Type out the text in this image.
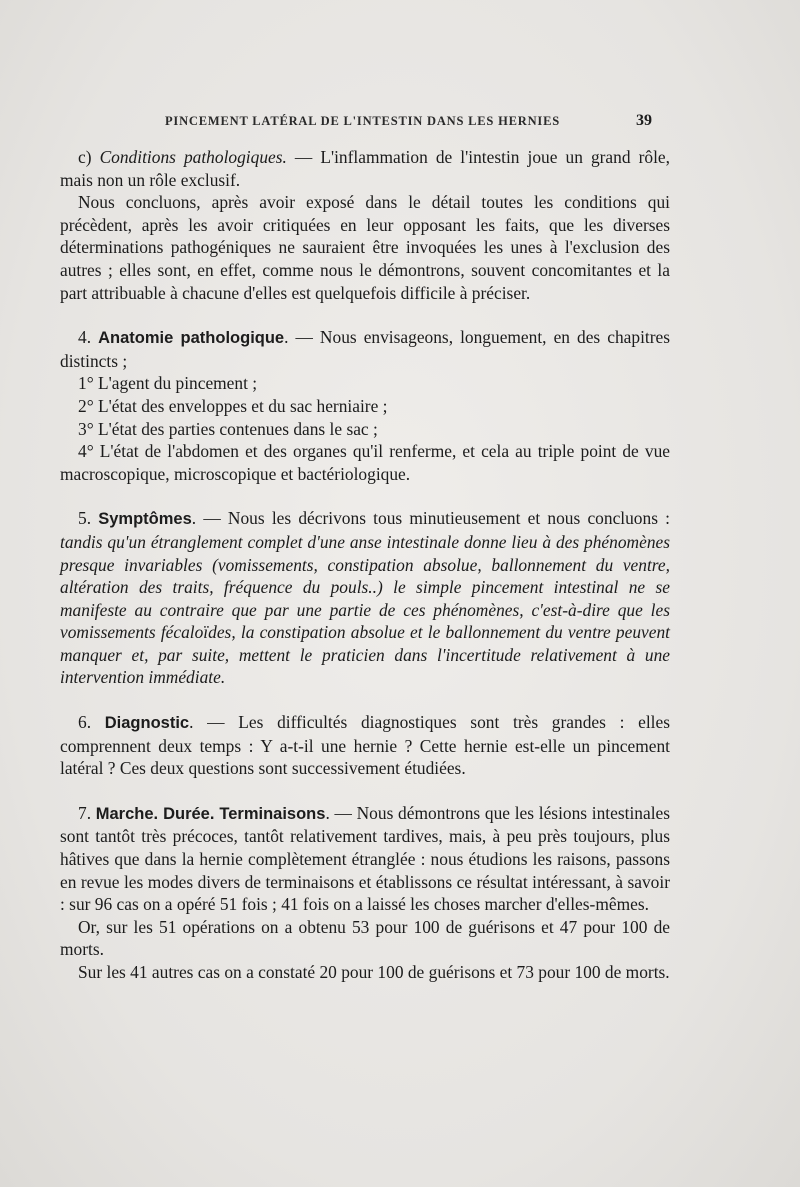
PINCEMENT LATÉRAL DE L'INTESTIN DANS LES HERNIES	39

c) Conditions pathologiques. — L'inflammation de l'intestin joue un grand rôle, mais non un rôle exclusif.

Nous concluons, après avoir exposé dans le détail toutes les conditions qui précèdent, après les avoir critiquées en leur opposant les faits, que les diverses déterminations pathogéniques ne sauraient être invoquées les unes à l'exclusion des autres ; elles sont, en effet, comme nous le démontrons, souvent concomitantes et la part attribuable à chacune d'elles est quelquefois difficile à préciser.

4. Anatomie pathologique. — Nous envisageons, longuement, en des chapitres distincts ;

1° L'agent du pincement ;

2° L'état des enveloppes et du sac herniaire ;

3° L'état des parties contenues dans le sac ;

4° L'état de l'abdomen et des organes qu'il renferme, et cela au triple point de vue macroscopique, microscopique et bactériologique.

5. Symptômes. — Nous les décrivons tous minutieusement et nous concluons : tandis qu'un étranglement complet d'une anse intestinale donne lieu à des phénomènes presque invariables (vomissements, constipation absolue, ballonnement du ventre, altération des traits, fréquence du pouls..) le simple pincement intestinal ne se manifeste au contraire que par une partie de ces phénomènes, c'est-à-dire que les vomissements fécaloïdes, la constipation absolue et le ballonnement du ventre peuvent manquer et, par suite, mettent le praticien dans l'incertitude relativement à une intervention immédiate.

6. Diagnostic. — Les difficultés diagnostiques sont très grandes : elles comprennent deux temps : Y a-t-il une hernie ? Cette hernie est-elle un pincement latéral ? Ces deux questions sont successivement étudiées.

7. Marche. Durée. Terminaisons. — Nous démontrons que les lésions intestinales sont tantôt très précoces, tantôt relativement tardives, mais, à peu près toujours, plus hâtives que dans la hernie complètement étranglée : nous étudions les raisons, passons en revue les modes divers de terminaisons et établissons ce résultat intéressant, à savoir : sur 96 cas on a opéré 51 fois ; 41 fois on a laissé les choses marcher d'elles-mêmes.

Or, sur les 51 opérations on a obtenu 53 pour 100 de guérisons et 47 pour 100 de morts.

Sur les 41 autres cas on a constaté 20 pour 100 de guérisons et 73 pour 100 de morts.
